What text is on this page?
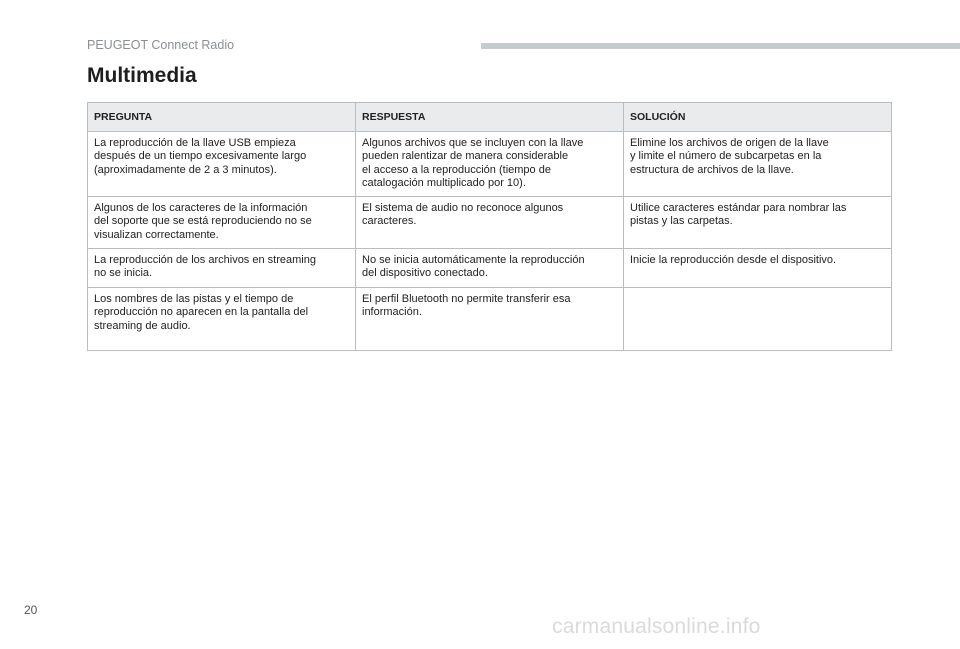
PEUGEOT Connect Radio
Multimedia
PREGUNTA	RESPUESTA	SOLUCIÓN
La reproducción de la llave USB empieza
después de un tiempo excesivamente largo
(aproximadamente de 2 a 3 minutos).	Algunos archivos que se incluyen con la llave
pueden ralentizar de manera considerable
el acceso a la reproducción (tiempo de
catalogación multiplicado por 10).	Elimine los archivos de origen de la llave
y limite el número de subcarpetas en la
estructura de archivos de la llave.
Algunos de los caracteres de la información
del soporte que se está reproduciendo no se
visualizan correctamente.	El sistema de audio no reconoce algunos
caracteres.	Utilice caracteres estándar para nombrar las
pistas y las carpetas.
La reproducción de los archivos en streaming
no se inicia.	No se inicia automáticamente la reproducción
del dispositivo conectado.	Inicie la reproducción desde el dispositivo.
Los nombres de las pistas y el tiempo de
reproducción no aparecen en la pantalla del
streaming de audio.	El perfil Bluetooth no permite transferir esa
información.	
20
carmanualsonline.info
